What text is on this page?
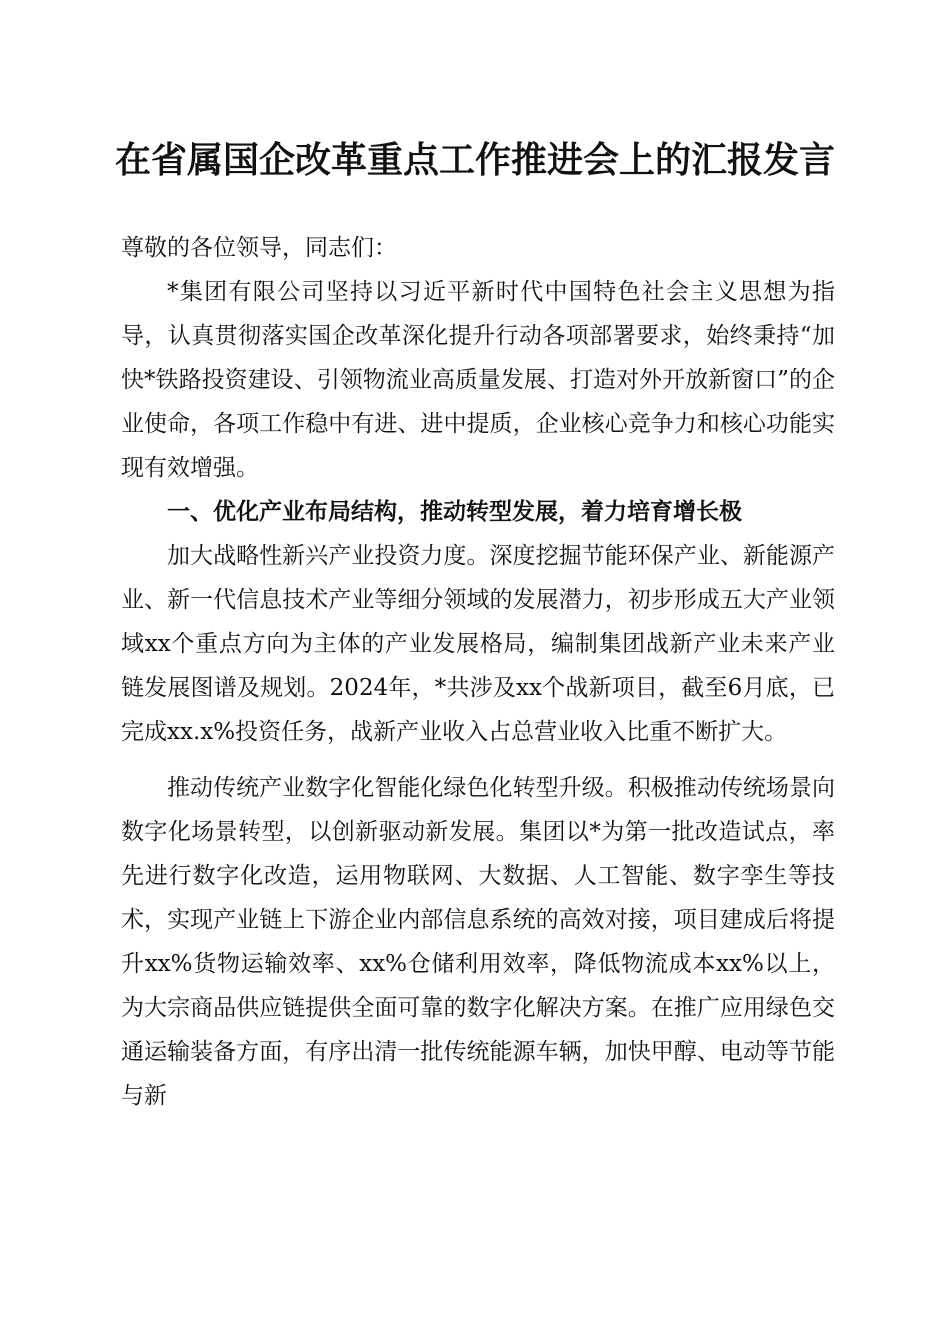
在省属国企改革重点工作推进会上的汇报发言

尊敬的各位领导，同志们：

*集团有限公司坚持以习近平新时代中国特色社会主义思想为指导，认真贯彻落实国企改革深化提升行动各项部署要求，始终秉持“加快*铁路投资建设、引领物流业高质量发展、打造对外开放新窗口”的企业使命，各项工作稳中有进、进中提质，企业核心竞争力和核心功能实现有效增强。

一、优化产业布局结构，推动转型发展，着力培育增长极

加大战略性新兴产业投资力度。深度挖掘节能环保产业、新能源产业、新一代信息技术产业等细分领域的发展潜力，初步形成五大产业领域xx个重点方向为主体的产业发展格局，编制集团战新产业未来产业链发展图谱及规划。2024年，*共涉及xx个战新项目，截至6月底，已完成xx.x%投资任务，战新产业收入占总营业收入比重不断扩大。

推动传统产业数字化智能化绿色化转型升级。积极推动传统场景向数字化场景转型，以创新驱动新发展。集团以*为第一批改造试点，率先进行数字化改造，运用物联网、大数据、人工智能、数字孪生等技术，实现产业链上下游企业内部信息系统的高效对接，项目建成后将提升xx%货物运输效率、xx%仓储利用效率，降低物流成本xx%以上，为大宗商品供应链提供全面可靠的数字化解决方案。在推广应用绿色交通运输装备方面，有序出清一批传统能源车辆，加快甲醇、电动等节能与新
